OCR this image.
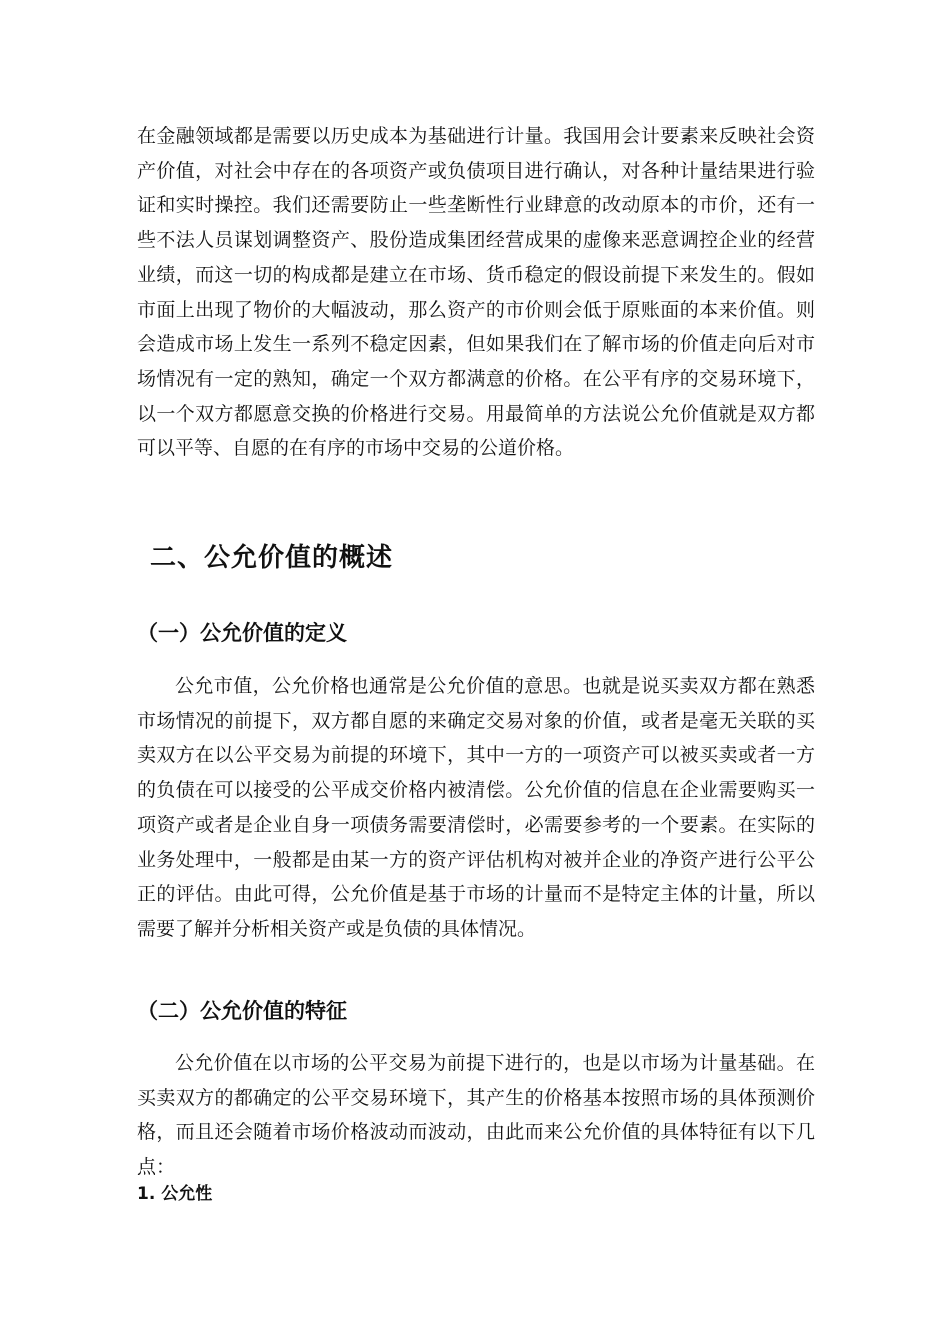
在金融领域都是需要以历史成本为基础进行计量。我国用会计要素来反映社会资产价值，对社会中存在的各项资产或负债项目进行确认，对各种计量结果进行验证和实时操控。我们还需要防止一些垄断性行业肆意的改动原本的市价，还有一些不法人员谋划调整资产、股份造成集团经营成果的虚像来恶意调控企业的经营业绩，而这一切的构成都是建立在市场、货币稳定的假设前提下来发生的。假如市面上出现了物价的大幅波动，那么资产的市价则会低于原账面的本来价值。则会造成市场上发生一系列不稳定因素，但如果我们在了解市场的价值走向后对市场情况有一定的熟知，确定一个双方都满意的价格。在公平有序的交易环境下，以一个双方都愿意交换的价格进行交易。用最简单的方法说公允价值就是双方都可以平等、自愿的在有序的市场中交易的公道价格。

二、公允价值的概述
（一）公允价值的定义

公允市值，公允价格也通常是公允价值的意思。也就是说买卖双方都在熟悉市场情况的前提下，双方都自愿的来确定交易对象的价值，或者是毫无关联的买卖双方在以公平交易为前提的环境下，其中一方的一项资产可以被买卖或者一方的负债在可以接受的公平成交价格内被清偿。公允价值的信息在企业需要购买一项资产或者是企业自身一项债务需要清偿时，必需要参考的一个要素。在实际的业务处理中，一般都是由某一方的资产评估机构对被并企业的净资产进行公平公正的评估。由此可得，公允价值是基于市场的计量而不是特定主体的计量，所以需要了解并分析相关资产或是负债的具体情况。

（二）公允价值的特征

公允价值在以市场的公平交易为前提下进行的，也是以市场为计量基础。在买卖双方的都确定的公平交易环境下，其产生的价格基本按照市场的具体预测价格，而且还会随着市场价格波动而波动，由此而来公允价值的具体特征有以下几点：

1. 公允性
